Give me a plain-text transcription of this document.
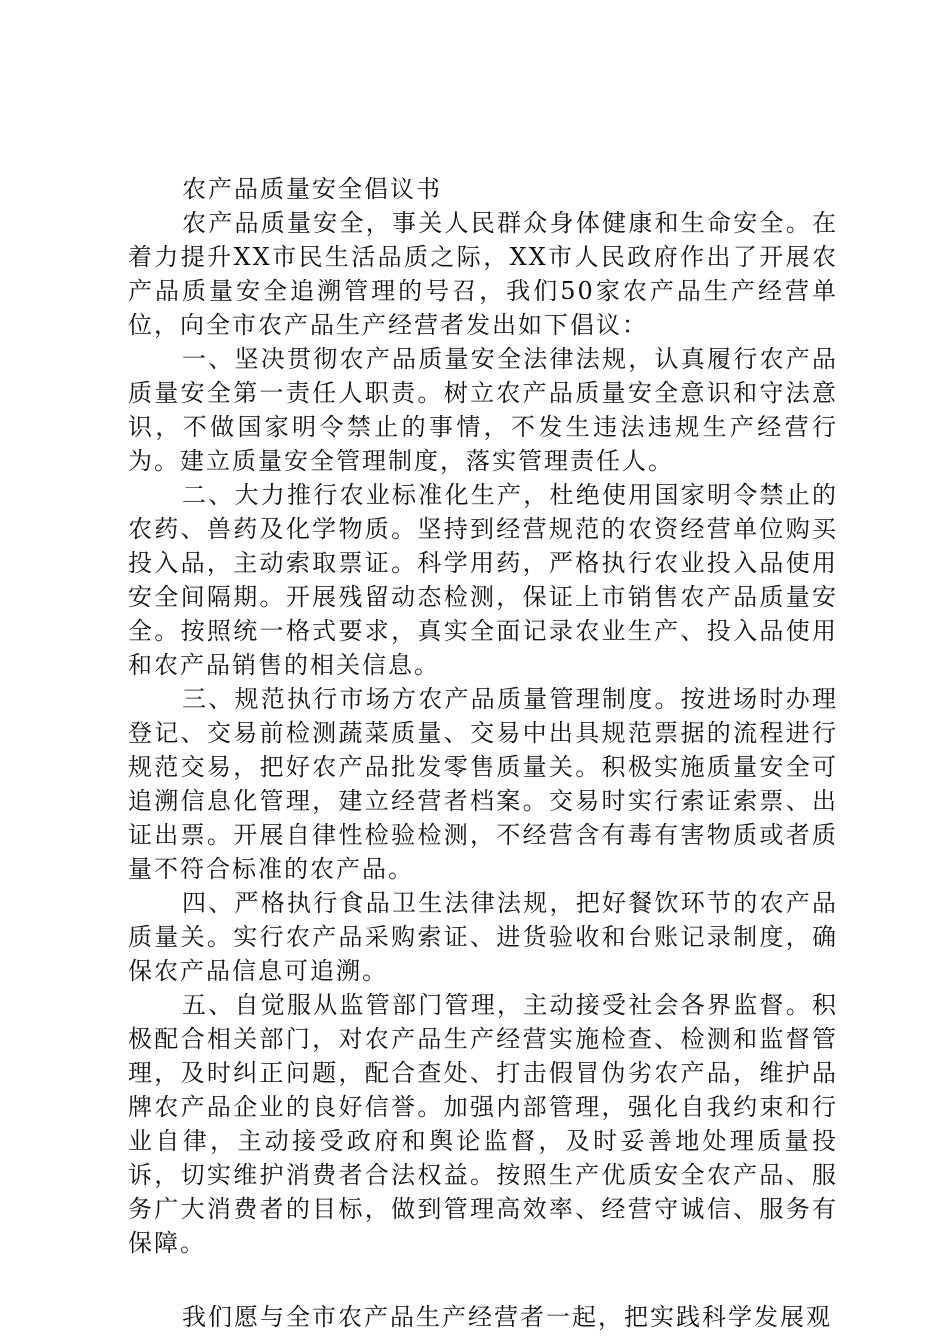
农产品质量安全倡议书

农产品质量安全，事关人民群众身体健康和生命安全。在着力提升XX市民生活品质之际，XX市人民政府作出了开展农产品质量安全追溯管理的号召，我们50家农产品生产经营单位，向全市农产品生产经营者发出如下倡议：

一、坚决贯彻农产品质量安全法律法规，认真履行农产品质量安全第一责任人职责。树立农产品质量安全意识和守法意识，不做国家明令禁止的事情，不发生违法违规生产经营行为。建立质量安全管理制度，落实管理责任人。

二、大力推行农业标准化生产，杜绝使用国家明令禁止的农药、兽药及化学物质。坚持到经营规范的农资经营单位购买投入品，主动索取票证。科学用药，严格执行农业投入品使用安全间隔期。开展残留动态检测，保证上市销售农产品质量安全。按照统一格式要求，真实全面记录农业生产、投入品使用和农产品销售的相关信息。

三、规范执行市场方农产品质量管理制度。按进场时办理登记、交易前检测蔬菜质量、交易中出具规范票据的流程进行规范交易，把好农产品批发零售质量关。积极实施质量安全可追溯信息化管理，建立经营者档案。交易时实行索证索票、出证出票。开展自律性检验检测，不经营含有毒有害物质或者质量不符合标准的农产品。

四、严格执行食品卫生法律法规，把好餐饮环节的农产品质量关。实行农产品采购索证、进货验收和台账记录制度，确保农产品信息可追溯。

五、自觉服从监管部门管理，主动接受社会各界监督。积极配合相关部门，对农产品生产经营实施检查、检测和监督管理，及时纠正问题，配合查处、打击假冒伪劣农产品，维护品牌农产品企业的良好信誉。加强内部管理，强化自我约束和行业自律，主动接受政府和舆论监督，及时妥善地处理质量投诉，切实维护消费者合法权益。按照生产优质安全农产品、服务广大消费者的目标，做到管理高效率、经营守诚信、服务有保障。

我们愿与全市农产品生产经营者一起，把实践科学发展观
